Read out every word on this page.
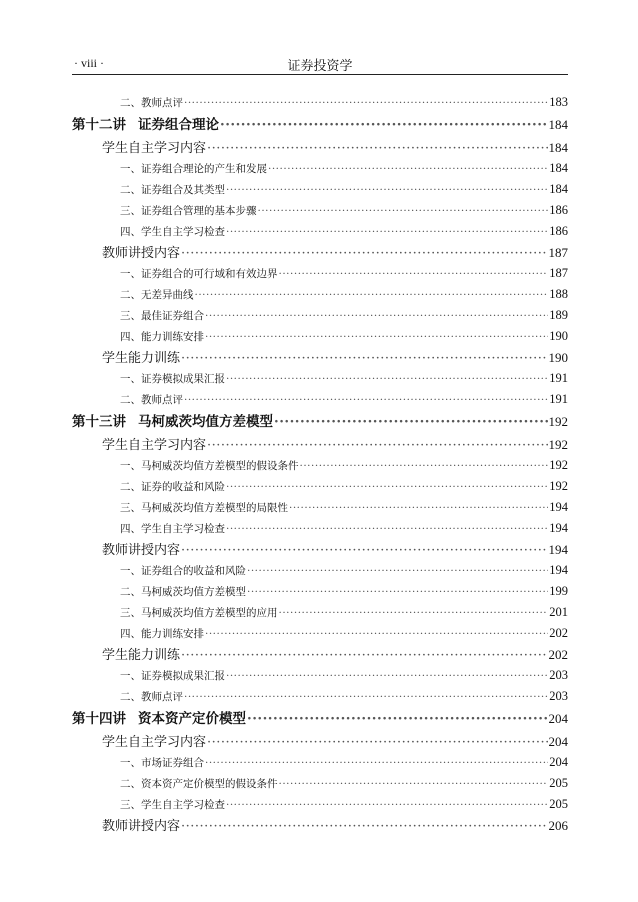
· viii ·	证券投资学
二、教师点评 ·····	183
第十二讲 证券组合理论 ·····	184
学生自主学习内容 ·····	184
一、证券组合理论的产生和发展 ·····	184
二、证券组合及其类型 ·····	184
三、证券组合管理的基本步骤 ·····	186
四、学生自主学习检查 ·····	186
教师讲授内容 ·····	187
一、证券组合的可行域和有效边界 ·····	187
二、无差异曲线 ·····	188
三、最佳证券组合 ·····	189
四、能力训练安排 ·····	190
学生能力训练 ·····	190
一、证券模拟成果汇报 ·····	191
二、教师点评 ·····	191
第十三讲 马柯威茨均值方差模型 ·····	192
学生自主学习内容 ·····	192
一、马柯威茨均值方差模型的假设条件 ·····	192
二、证券的收益和风险 ·····	192
三、马柯威茨均值方差模型的局限性 ·····	194
四、学生自主学习检查 ·····	194
教师讲授内容 ·····	194
一、证券组合的收益和风险 ·····	194
二、马柯威茨均值方差模型 ·····	199
三、马柯威茨均值方差模型的应用 ·····	201
四、能力训练安排 ·····	202
学生能力训练 ·····	202
一、证券模拟成果汇报 ·····	203
二、教师点评 ·····	203
第十四讲 资本资产定价模型 ·····	204
学生自主学习内容 ·····	204
一、市场证券组合 ·····	204
二、资本资产定价模型的假设条件 ·····	205
三、学生自主学习检查 ·····	205
教师讲授内容 ·····	206
